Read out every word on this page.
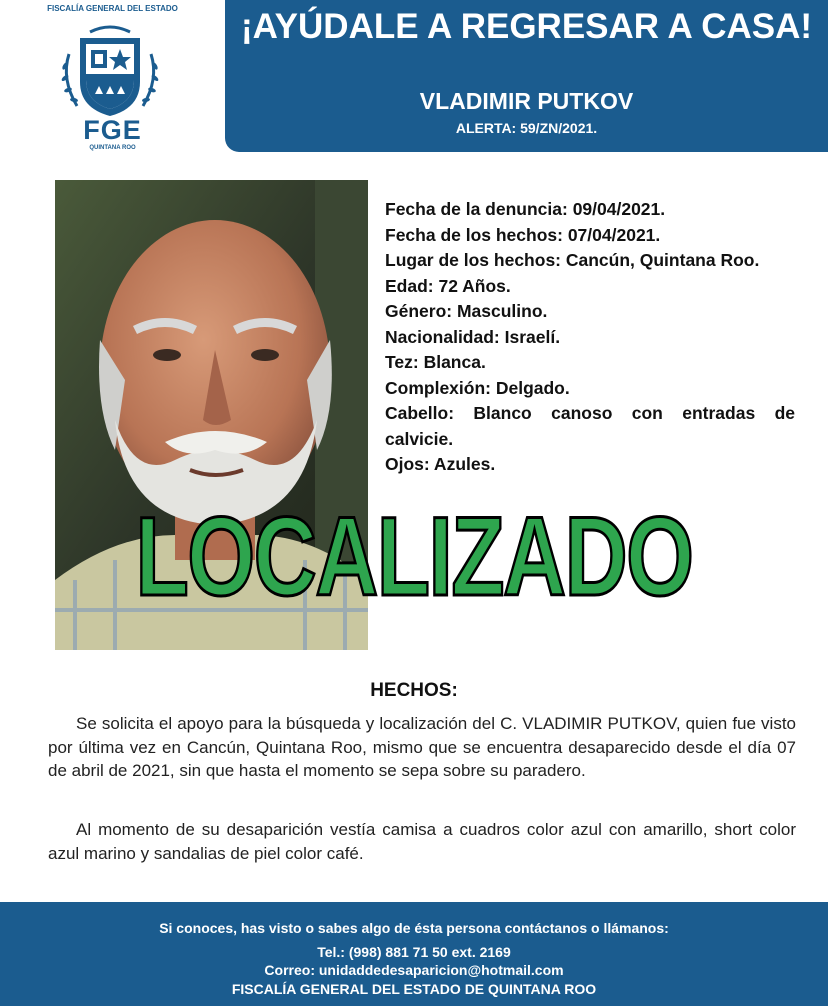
FISCALÍA GENERAL DEL ESTADO
FGE
QUINTANA ROO
¡AYÚDALE A REGRESAR A CASA!
VLADIMIR PUTKOV
ALERTA: 59/ZN/2021.
Fecha de la denuncia: 09/04/2021.
Fecha de los hechos: 07/04/2021.
Lugar de los hechos: Cancún, Quintana Roo.
Edad: 72 Años.
Género: Masculino.
Nacionalidad: Israelí.
Tez: Blanca.
Complexión: Delgado.
Cabello: Blanco canoso con entradas de calvicie.
Ojos: Azules.
LOCALIZADO
HECHOS:
Se solicita el apoyo para la búsqueda y localización del C. VLADIMIR PUTKOV, quien fue visto por última vez en Cancún, Quintana Roo, mismo que se encuentra desaparecido desde el día 07 de abril de 2021, sin que hasta el momento se sepa sobre su paradero.
Al momento de su desaparición vestía camisa a cuadros color azul con amarillo, short color azul marino y sandalias de piel color café.
Si conoces, has visto o sabes algo de ésta persona contáctanos o llámanos:
Tel.: (998) 881 71 50 ext. 2169
Correo: unidaddedesaparicion@hotmail.com
FISCALÍA GENERAL DEL ESTADO DE QUINTANA ROO
